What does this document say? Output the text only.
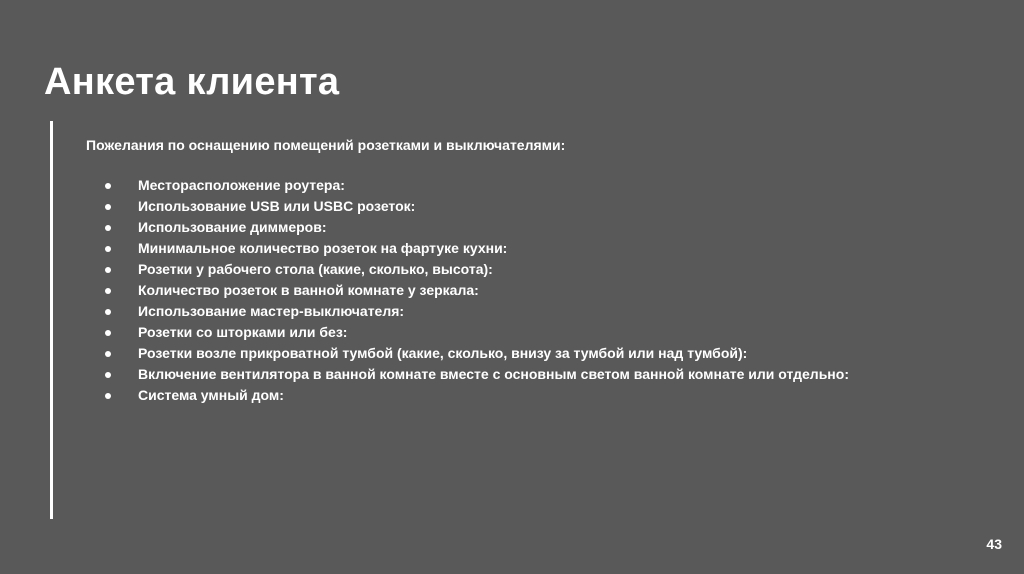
Анкета клиента

Пожелания по оснащению помещений розетками и выключателями:

Месторасположение роутера:
Использование USB или USBC розеток:
Использование диммеров:
Минимальное количество розеток на фартуке кухни:
Розетки у рабочего стола (какие, сколько, высота):
Количество розеток в ванной комнате у зеркала:
Использование мастер-выключателя:
Розетки со шторками или без:
Розетки возле прикроватной тумбой (какие, сколько, внизу за тумбой или над тумбой):
Включение вентилятора в ванной комнате вместе с основным светом ванной комнате или отдельно:
Система умный дом:
43
